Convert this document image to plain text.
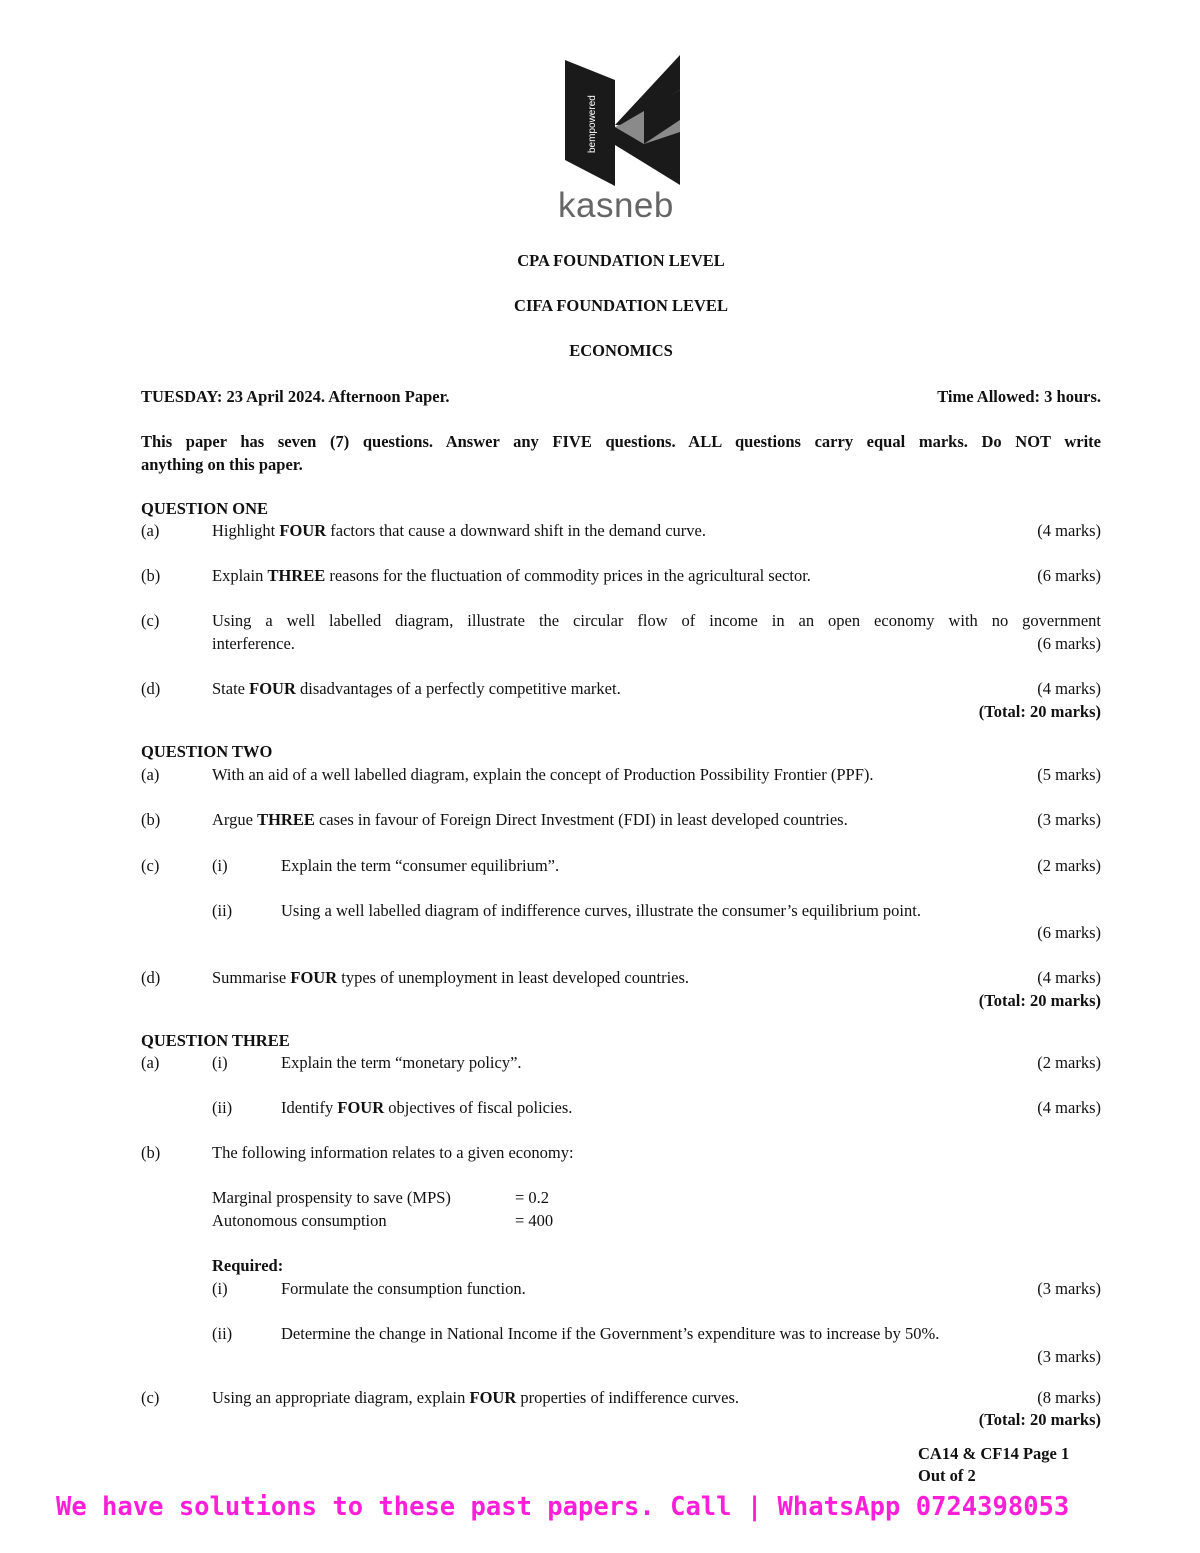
bempowered
kasneb
CPA FOUNDATION LEVEL
CIFA FOUNDATION LEVEL
ECONOMICS
TUESDAY: 23 April 2024. Afternoon Paper.	Time Allowed: 3 hours.
This paper has seven (7) questions. Answer any FIVE questions. ALL questions carry equal marks. Do NOT write
anything on this paper.
QUESTION ONE
(a)	Highlight FOUR factors that cause a downward shift in the demand curve.	(4 marks)
(b)	Explain THREE reasons for the fluctuation of commodity prices in the agricultural sector.	(6 marks)
(c)	Using a well labelled diagram, illustrate the circular flow of income in an open economy with no government
interference.	(6 marks)
(d)	State FOUR disadvantages of a perfectly competitive market.	(4 marks)
(Total: 20 marks)
QUESTION TWO
(a)	With an aid of a well labelled diagram, explain the concept of Production Possibility Frontier (PPF).	(5 marks)
(b)	Argue THREE cases in favour of Foreign Direct Investment (FDI) in least developed countries.	(3 marks)
(c)	(i)	Explain the term “consumer equilibrium”.	(2 marks)
(ii)	Using a well labelled diagram of indifference curves, illustrate the consumer’s equilibrium point.
(6 marks)
(d)	Summarise FOUR types of unemployment in least developed countries.	(4 marks)
(Total: 20 marks)
QUESTION THREE
(a)	(i)	Explain the term “monetary policy”.	(2 marks)
(ii)	Identify FOUR objectives of fiscal policies.	(4 marks)
(b)	The following information relates to a given economy:
Marginal prospensity to save (MPS)	= 0.2
Autonomous consumption	= 400
Required:
(i)	Formulate the consumption function.	(3 marks)
(ii)	Determine the change in National Income if the Government’s expenditure was to increase by 50%.
(3 marks)
(c)	Using an appropriate diagram, explain FOUR properties of indifference curves.	(8 marks)
(Total: 20 marks)
CA14 & CF14 Page 1
Out of 2
We have solutions to these past papers. Call | WhatsApp 0724398053
